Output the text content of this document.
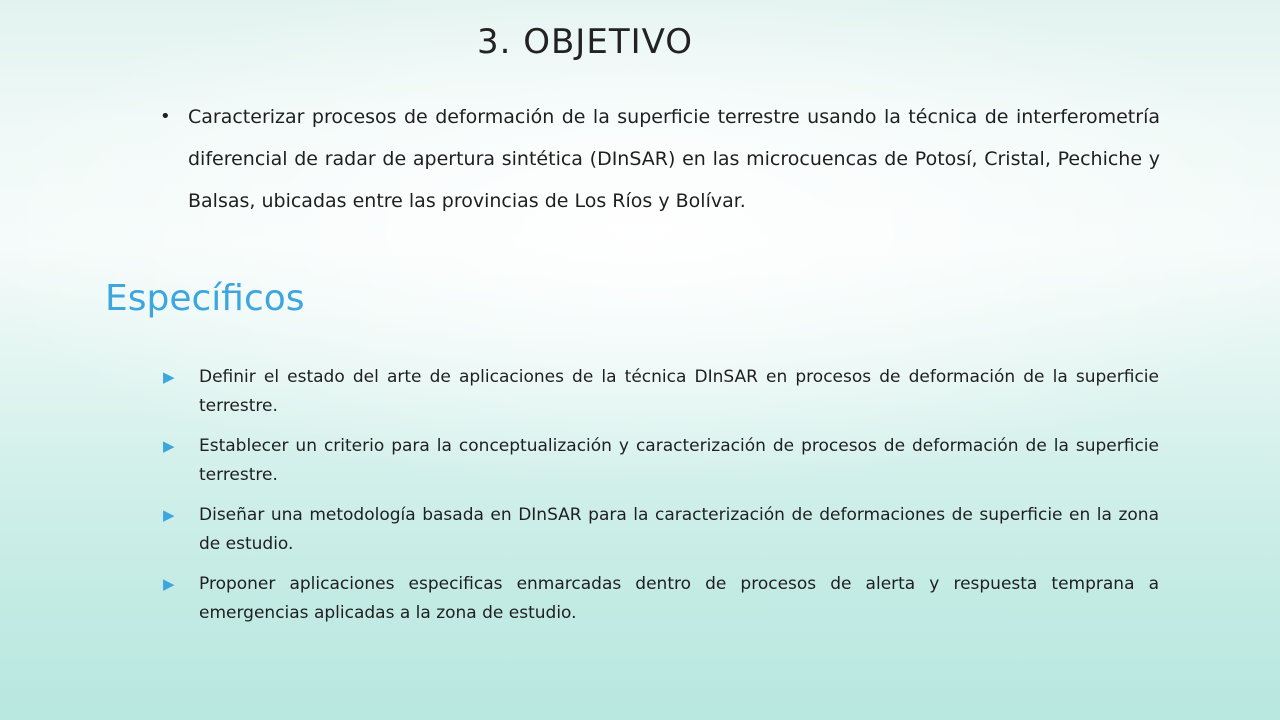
3. OBJETIVO
• Caracterizar procesos de deformación de la superficie terrestre usando la técnica de interferometría diferencial de radar de apertura sintética (DInSAR) en las microcuencas de Potosí, Cristal, Pechiche y Balsas, ubicadas entre las provincias de Los Ríos y Bolívar.

Específicos
▶	Definir el estado del arte de aplicaciones de la técnica DInSAR en procesos de deformación de la superficie terrestre.
▶	Establecer un criterio para la conceptualización y caracterización de procesos de deformación de la superficie terrestre.
▶	Diseñar una metodología basada en DInSAR para la caracterización de deformaciones de superficie en la zona de estudio.
▶	Proponer aplicaciones especificas enmarcadas dentro de procesos de alerta y respuesta temprana a emergencias aplicadas a la zona de estudio.
